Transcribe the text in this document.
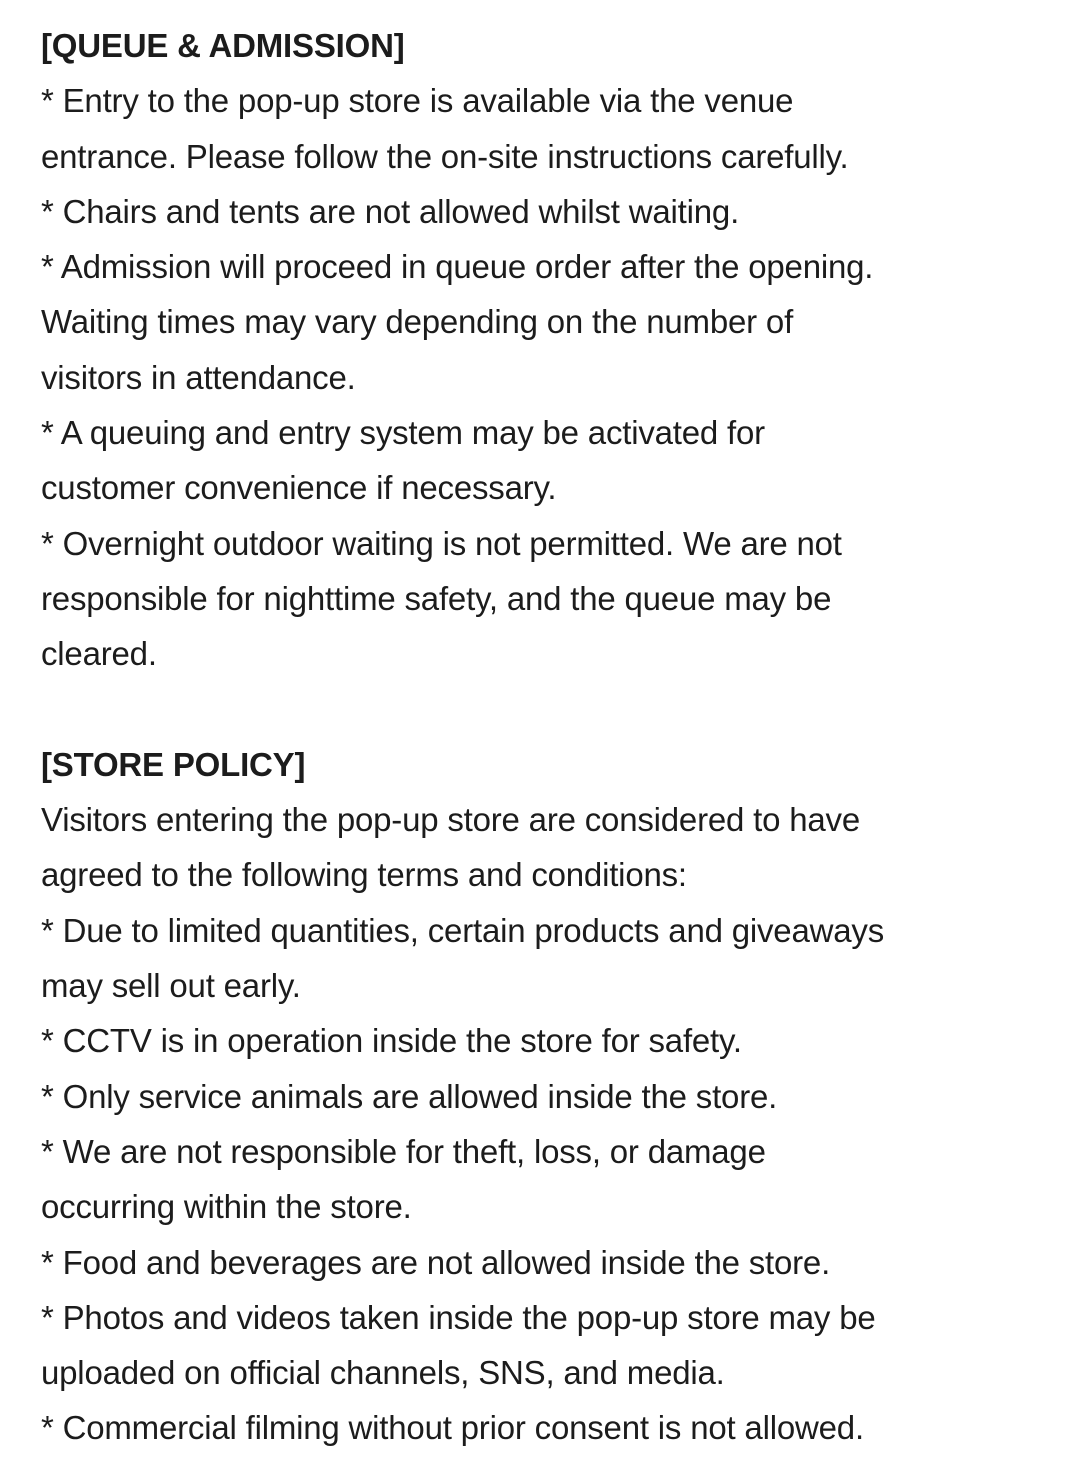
[QUEUE & ADMISSION]

* Entry to the pop-up store is available via the venue

entrance. Please follow the on-site instructions carefully.

* Chairs and tents are not allowed whilst waiting.

* Admission will proceed in queue order after the opening.

Waiting times may vary depending on the number of

visitors in attendance.

* A queuing and entry system may be activated for

customer convenience if necessary.

* Overnight outdoor waiting is not permitted. We are not

responsible for nighttime safety, and the queue may be

cleared.

[STORE POLICY]

Visitors entering the pop-up store are considered to have

agreed to the following terms and conditions:

* Due to limited quantities, certain products and giveaways

may sell out early.

* CCTV is in operation inside the store for safety.

* Only service animals are allowed inside the store.

* We are not responsible for theft, loss, or damage

occurring within the store.

* Food and beverages are not allowed inside the store.

* Photos and videos taken inside the pop-up store may be

uploaded on official channels, SNS, and media.

* Commercial filming without prior consent is not allowed.
